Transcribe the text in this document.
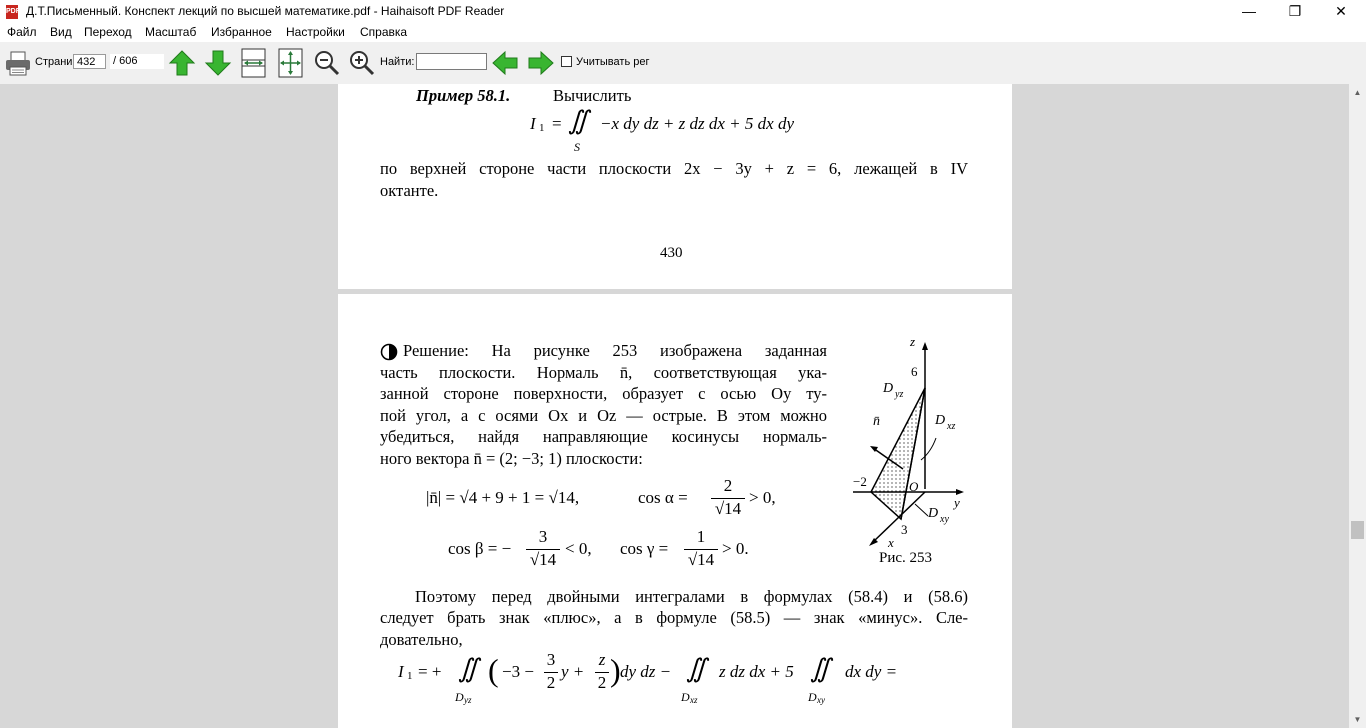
PDF Д.Т.Письменный. Конспект лекций по высшей математике.pdf - Haihaisoft PDF Reader	—	❐	✕
Файл Вид Переход Масштаб Избранное Настройки Справка
Страни 432	/ 606	Найти:	Учитывать рег
Пример 58.1.	Вычислить
I 1 = ∬
S
−x dy dz + z dz dx + 5 dx dy
по верхней стороне части плоскости 2x − 3y + z = 6, лежащей в IV
октанте.
430
Решение: На рисунке 253 изображена заданная
часть плоскости. Нормаль n̄, соответствующая ука-
занной стороне поверхности, образует с осью Oy ту-
пой угол, а с осями Ox и Oz — острые. В этом можно
убедиться, найдя направляющие косинусы нормаль-
ного вектора n̄ = (2; −3; 1) плоскости:
|n̄| = √4 + 9 + 1 = √14,	cos α =
2
√14
> 0,
cos β = −
3
√14
< 0, cos γ =
1
√14
> 0.
z
6
D yz
n̄	D xz
−2	O
y
D xy
3
x
Рис. 253
Поэтому перед двойными интегралами в формулах (58.4) и (58.6)
следует брать знак «плюс», а в формуле (58.5) — знак «минус». Сле-
довательно,
I 1 = + ∬
D yz
( −3 −
3
2
y +
z
2 ) dy dz − ∬
D xz
z dz dx + 5 ∬
D xy
dx dy =
▲
▼
